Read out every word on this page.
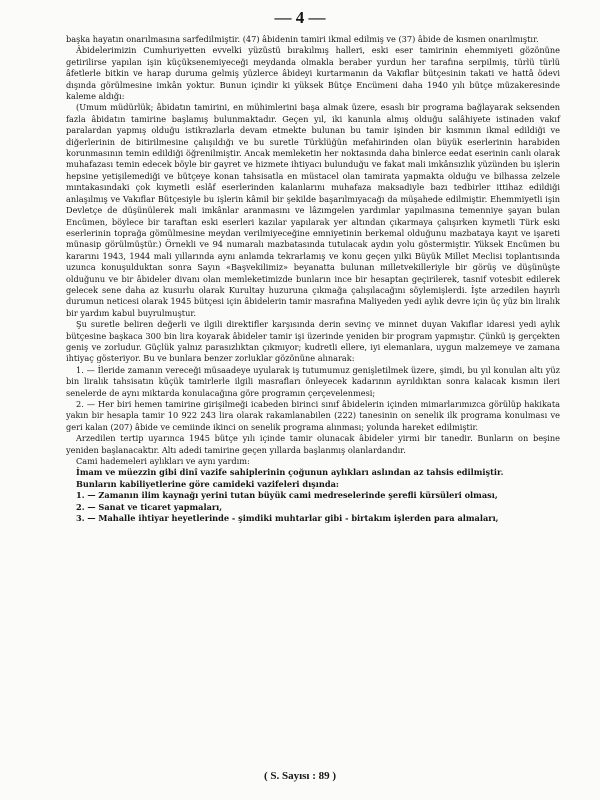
— 4 —

başka hayatın onarılmasına sarfedilmiştir. (47) âbidenin tamiri ikmal edilmiş ve (37) âbide de kısmen onarılmıştır.

Âbidelerimizin Cumhuriyetten evvelki yüzüstü bırakılmış halleri, eski eser tamirinin ehemmiyeti gözönüne getirilirse yapılan işin küçüksenemiyeceği meydanda olmakla beraber yurdun her tarafına serpilmiş, türlü türlü âfetlerle bitkin ve harap duruma gelmiş yüzlerce âbideyi kurtarmanın da Vakıflar bütçesinin takati ve hattâ ödevi dışında görülmesine imkân yoktur. Bunun içindir ki yüksek Bütçe Encümeni daha 1940 yılı bütçe müzakeresinde kaleme aldığı:

(Umum müdürlük; âbidatın tamirini, en mühimlerini başa almak üzere, esaslı bir programa bağlayarak seksenden fazla âbidatın tamirine başlamış bulunmaktadır. Geçen yıl, iki kanunla almış olduğu salâhiyete istinaden vakıf paralardan yapmış olduğu istikrazlarla devam etmekte bulunan bu tamir işinden bir kısmının ikmal edildiği ve diğerlerinin de bitirilmesine çalışıldığı ve bu suretle Türklüğün mefahirinden olan büyük eserlerinin harabiden korunmasının temin edildiği öğrenilmiştir. Ancak memleketin her noktasında daha binlerce eedat eserinin canlı olarak muhafazası temin edecek böyle bir gayret ve hizmete ihtiyacı bulunduğu ve fakat mali imkânsızlık yüzünden bu işlerin hepsine yetişilemediği ve bütçeye konan tahsisatla en müstacel olan tamirata yapmakta olduğu ve bilhassa zelzele mıntakasındaki çok kıymetli eslâf eserlerinden kalanlarını muhafaza maksadiyle bazı tedbirler ittihaz edildiği anlaşılmış ve Vakıflar Bütçesiyle bu işlerin kâmil bir şekilde başarılmıyacağı da müşahede edilmiştir. Ehemmiyetli işin Devletçe de düşünülerek mali imkânlar aranmasını ve lâzımgelen yardımlar yapılmasına temenniye şayan bulan Encümen, böylece bir taraftan eski eserleri kazılar yapılarak yer altından çıkarmaya çalışırken kıymetli Türk eski eserlerinin toprağa gömülmesine meydan verilmiyeceğine emniyetinin berkemal olduğunu mazbataya kayıt ve işareti münasip görülmüştür.) Örnekli ve 94 numaralı mazbatasında tutulacak aydın yolu göstermiştir. Yüksek Encümen bu kararını 1943, 1944 mali yıllarında aynı anlamda tekrarlamış ve konu geçen yılki Büyük Millet Meclisi toplantısında uzunca konuşulduktan sonra Sayın «Başvekilimiz» beyanatta bulunan milletvekilleriyle bir görüş ve düşünüşte olduğunu ve bir âbideler divanı olan memleketimizde bunların ince bir hesaptan geçirilerek, tasnif votesbit edilerek gelecek sene daha az kusurlu olarak Kurultay huzuruna çıkmağa çalışılacağını söylemişlerdi. İşte arzedilen hayırlı durumun neticesi olarak 1945 bütçesi için âbidelerin tamir masrafına Maliyeden yedi aylık devre için üç yüz bin liralık bir yardım kabul buyrulmuştur.

Şu suretle beliren değerli ve ilgili direktifler karşısında derin sevinç ve minnet duyan Vakıflar idaresi yedi aylık bütçesine başkaca 300 bin lira koyarak âbideler tamir işi üzerinde yeniden bir program yapmıştır. Çünkü iş gerçekten geniş ve zorludur. Güçlük yalnız parasızlıktan çıkmıyor; kudretli ellere, iyi elemanlara, uygun malzemeye ve zamana ihtiyaç gösteriyor. Bu ve bunlara benzer zorluklar gözönüne alınarak:

1. — İleride zamanın vereceği müsaadeye uyularak iş tutumumuz genişletilmek üzere, şimdi, bu yıl konulan altı yüz bin liralık tahsisatın küçük tamirlerle ilgili masrafları önleyecek kadarının ayrıldıktan sonra kalacak kısmın ileri senelerde de aynı miktarda konulacağına göre programın çerçevelenmesi;

2. — Her biri hemen tamirine girişilmeği icabeden birinci sınıf âbidelerin içinden mimarlarımızca görülüp hakikata yakın bir hesapla tamir 10 922 243 lira olarak rakamlanabilen (222) tanesinin on senelik ilk programa konulması ve geri kalan (207) âbide ve cemiinde ikinci on senelik programa alınması; yolunda hareket edilmiştir.

Arzedilen tertip uyarınca 1945 bütçe yılı içinde tamir olunacak âbideler yirmi bir tanedir. Bunların on beşine yeniden başlanacaktır. Altı adedi tamirine geçen yıllarda başlanmış olanlardandır.

Cami hademeleri aylıkları ve aynı yardım:

İmam ve müezzin gibi dinî vazife sahiplerinin çoğunun aylıkları aslından az tahsis edilmiştir.

Bunların kabiliyetlerine göre camideki vazifeleri dışında:

1. — Zamanın ilim kaynağı yerini tutan büyük cami medreselerinde şerefli kürsüleri olması,

2. — Sanat ve ticaret yapmaları,

3. — Mahalle ihtiyar heyetlerinde - şimdiki muhtarlar gibi - birtakım işlerden para almaları,

( S. Sayısı : 89 )
